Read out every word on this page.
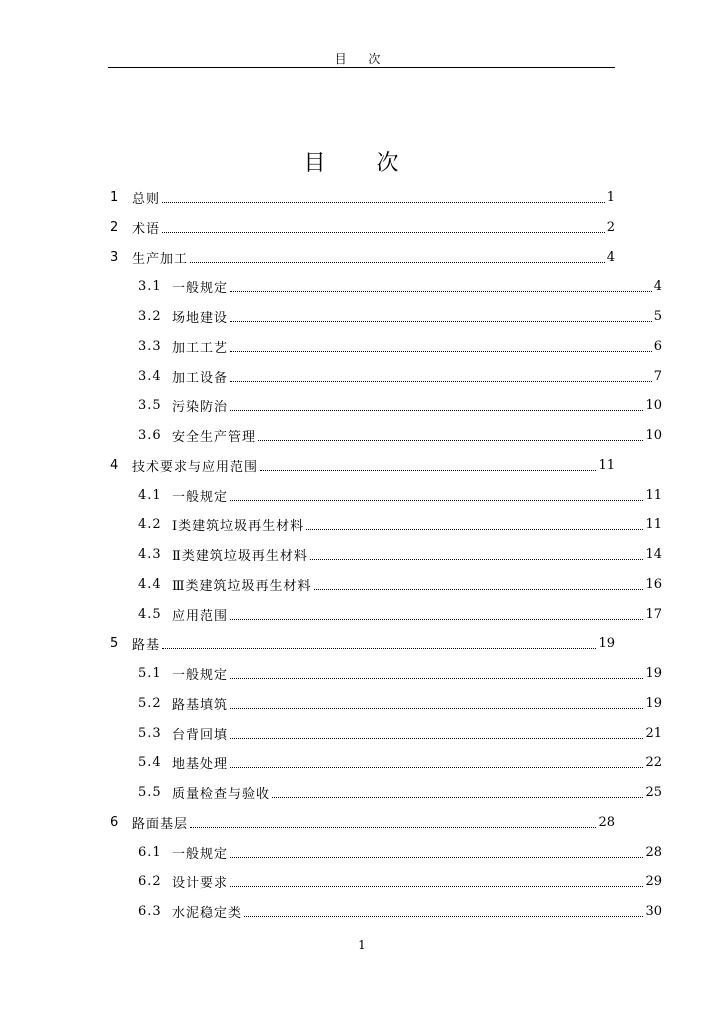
目 次
目 次
1	总则	1
2	术语	2
3	生产加工	4
3.1 一般规定	4
3.2 场地建设	5
3.3 加工工艺	6
3.4 加工设备	7
3.5 污染防治	10
3.6 安全生产管理	10
4	技术要求与应用范围	11
4.1 一般规定	11
4.2 Ⅰ类建筑垃圾再生材料	11
4.3 Ⅱ类建筑垃圾再生材料	14
4.4 Ⅲ类建筑垃圾再生材料	16
4.5 应用范围	17
5	路基	19
5.1 一般规定	19
5.2 路基填筑	19
5.3 台背回填	21
5.4 地基处理	22
5.5 质量检查与验收	25
6	路面基层	28
6.1 一般规定	28
6.2 设计要求	29
6.3 水泥稳定类	30
1
